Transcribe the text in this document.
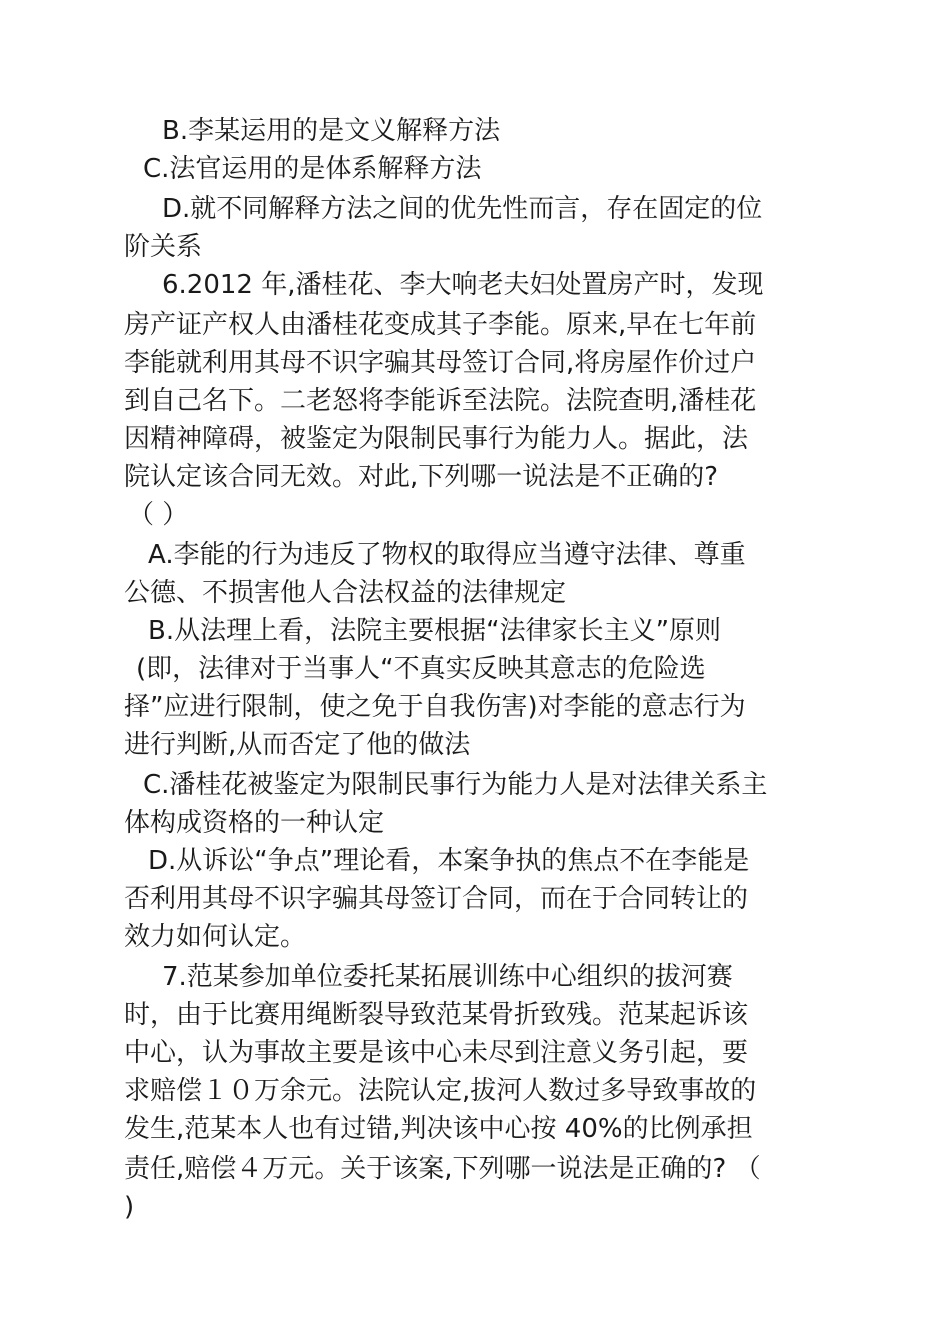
B.李某运用的是文义解释方法
C.法官运用的是体系解释方法
D.就不同解释方法之间的优先性而言，存在固定的位
阶关系
6.2012 年,潘桂花、李大响老夫妇处置房产时，发现
房产证产权人由潘桂花变成其子李能。原来,早在七年前
李能就利用其母不识字骗其母签订合同,将房屋作价过户
到自己名下。二老怒将李能诉至法院。法院查明,潘桂花
因精神障碍，被鉴定为限制民事行为能力人。据此，法
院认定该合同无效。对此,下列哪一说法是不正确的?
（ ）
A.李能的行为违反了物权的取得应当遵守法律、尊重
公德、不损害他人合法权益的法律规定
B.从法理上看，法院主要根据“法律家长主义”原则
(即，法律对于当事人“不真实反映其意志的危险选
择”应进行限制，使之免于自我伤害)对李能的意志行为
进行判断,从而否定了他的做法
C.潘桂花被鉴定为限制民事行为能力人是对法律关系主
体构成资格的一种认定
D.从诉讼“争点”理论看，本案争执的焦点不在李能是
否利用其母不识字骗其母签订合同，而在于合同转让的
效力如何认定。
7.范某参加单位委托某拓展训练中心组织的拔河赛
时，由于比赛用绳断裂导致范某骨折致残。范某起诉该
中心，认为事故主要是该中心未尽到注意义务引起，要
求赔偿１０万余元。法院认定,拔河人数过多导致事故的
发生,范某本人也有过错,判决该中心按 40%的比例承担
责任,赔偿４万元。关于该案,下列哪一说法是正确的? （
)
